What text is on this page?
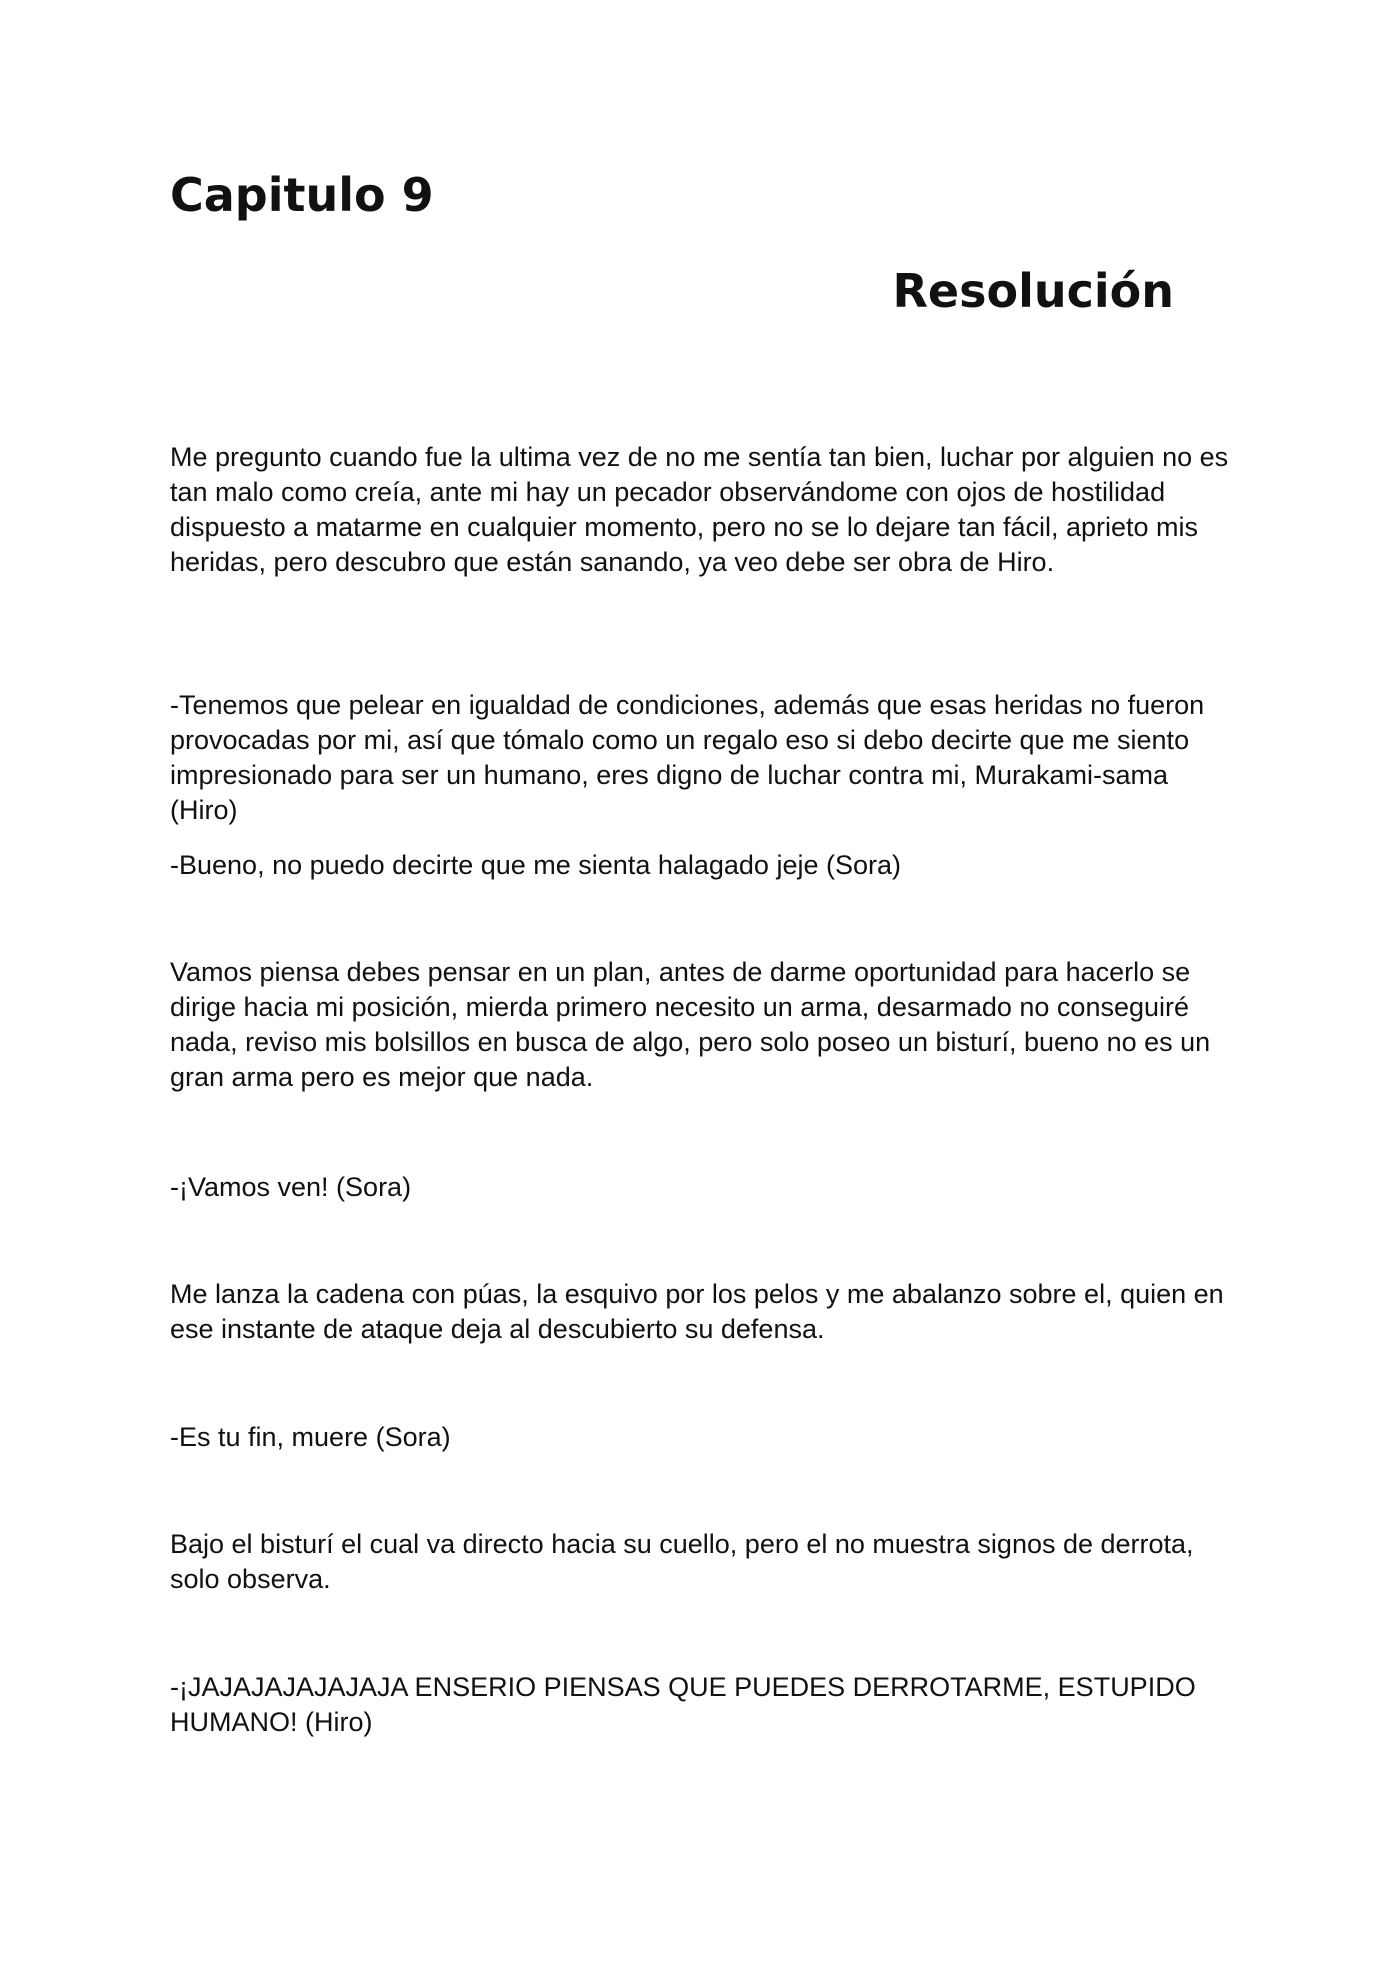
Capitulo 9
Resolución

Me pregunto cuando fue la ultima vez de no me sentía tan bien, luchar por alguien no es tan malo como creía, ante mi hay un pecador observándome con ojos de hostilidad dispuesto a matarme en cualquier momento, pero no se lo dejare tan fácil, aprieto mis heridas, pero descubro que están sanando, ya veo debe ser obra de Hiro.

-Tenemos que pelear en igualdad de condiciones, además que esas heridas no fueron provocadas por mi, así que tómalo como un regalo eso si debo decirte que me siento impresionado para ser un humano, eres digno de luchar contra mi, Murakami-sama (Hiro)

-Bueno, no puedo decirte que me sienta halagado jeje (Sora)

Vamos piensa debes pensar en un plan, antes de darme oportunidad para hacerlo se dirige hacia mi posición, mierda primero necesito un arma, desarmado no conseguiré nada, reviso mis bolsillos en busca de algo, pero solo poseo un bisturí, bueno no es un gran arma pero es mejor que nada.

-¡Vamos ven! (Sora)

Me lanza la cadena con púas, la esquivo por los pelos y me abalanzo sobre el, quien en ese instante de ataque deja al descubierto su defensa.

-Es tu fin, muere (Sora)

Bajo el bisturí el cual va directo hacia su cuello, pero el no muestra signos de derrota, solo observa.

-¡JAJAJAJAJAJAJA ENSERIO PIENSAS QUE PUEDES DERROTARME, ESTUPIDO HUMANO! (Hiro)
